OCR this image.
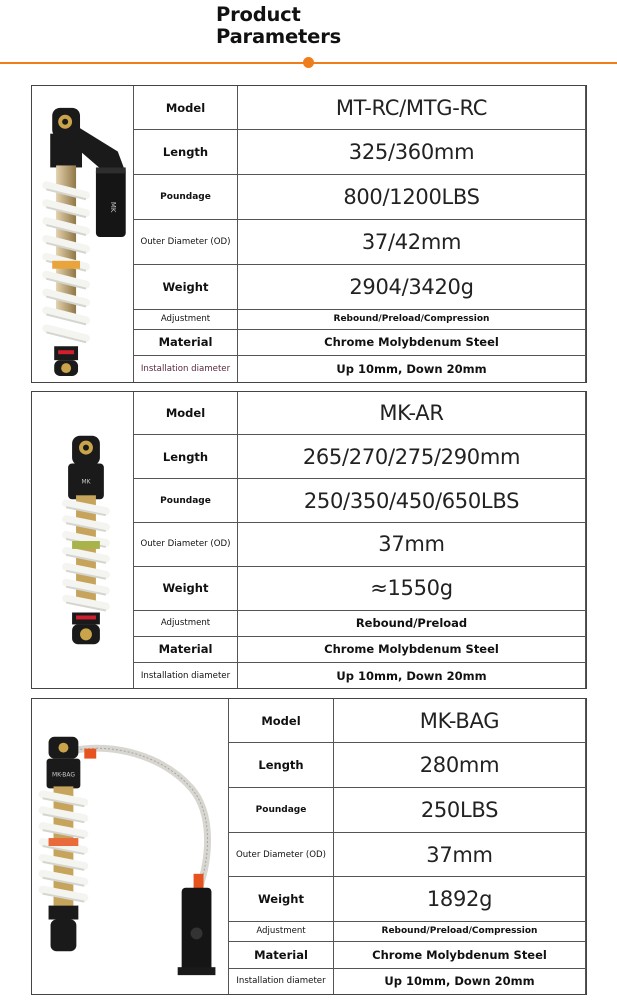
Product
Parameters
MK
Model	MT-RC/MTG-RC
Length	325/360mm
Poundage	800/1200LBS
Outer Diameter (OD)	37/42mm
Weight	2904/3420g
Adjustment	Rebound/Preload/Compression
Material	Chrome Molybdenum Steel
Installation diameter	Up 10mm, Down 20mm
MK
Model	MK-AR
Length	265/270/275/290mm
Poundage	250/350/450/650LBS
Outer Diameter (OD)	37mm
Weight	≈1550g
Adjustment	Rebound/Preload
Material	Chrome Molybdenum Steel
Installation diameter	Up 10mm, Down 20mm
MK-BAG
Model	MK-BAG
Length	280mm
Poundage	250LBS
Outer Diameter (OD)	37mm
Weight	1892g
Adjustment	Rebound/Preload/Compression
Material	Chrome Molybdenum Steel
Installation diameter	Up 10mm, Down 20mm
